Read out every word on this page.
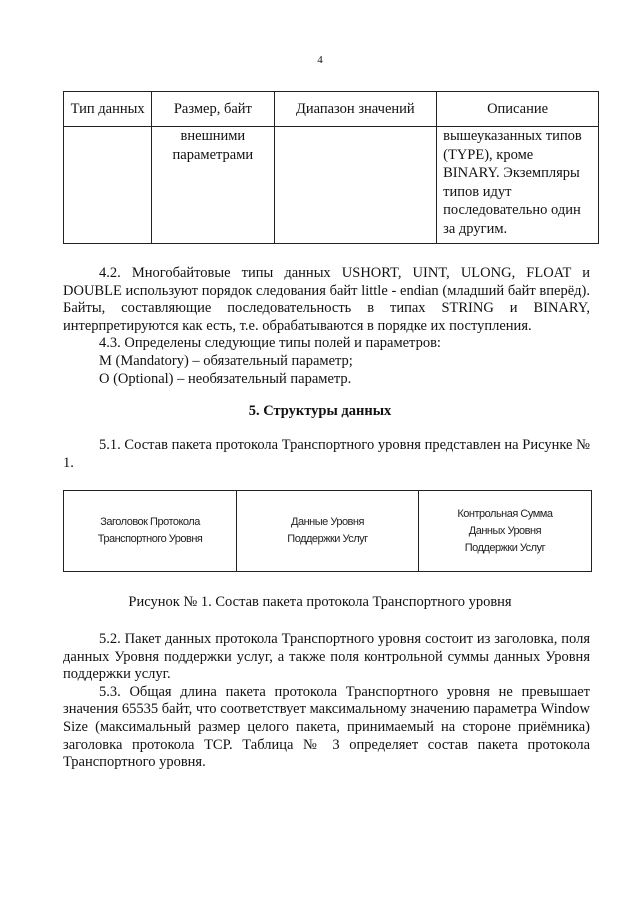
4
Тип данных	Размер, байт	Диапазон значений	Описание
	внешними параметрами		вышеуказанных типов (TYPE), кроме BINARY. Экземпляры типов идут последовательно один за другим.

4.2. Многобайтовые типы данных USHORT, UINT, ULONG, FLOAT и DOUBLE используют порядок следования байт little - endian (младший байт вперёд). Байты, составляющие последовательность в типах STRING и BINARY, интерпретируются как есть, т.е. обрабатываются в порядке их поступления.

4.3. Определены следующие типы полей и параметров:

M (Mandatory) – обязательный параметр;

O (Optional) – необязательный параметр.

5. Структуры данных

5.1. Состав пакета протокола Транспортного уровня представлен на Рисунке № 1.

Заголовок Протокола
Транспортного Уровня
Данные Уровня
Поддержки Услуг
Контрольная Сумма
Данных Уровня
Поддержки Услуг
Рисунок № 1. Состав пакета протокола Транспортного уровня

5.2. Пакет данных протокола Транспортного уровня состоит из заголовка, поля данных Уровня поддержки услуг, а также поля контрольной суммы данных Уровня поддержки услуг.

5.3. Общая длина пакета протокола Транспортного уровня не превышает значения 65535 байт, что соответствует максимальному значению параметра Window Size (максимальный размер целого пакета, принимаемый на стороне приёмника) заголовка протокола TCP. Таблица № 3 определяет состав пакета протокола Транспортного уровня.
